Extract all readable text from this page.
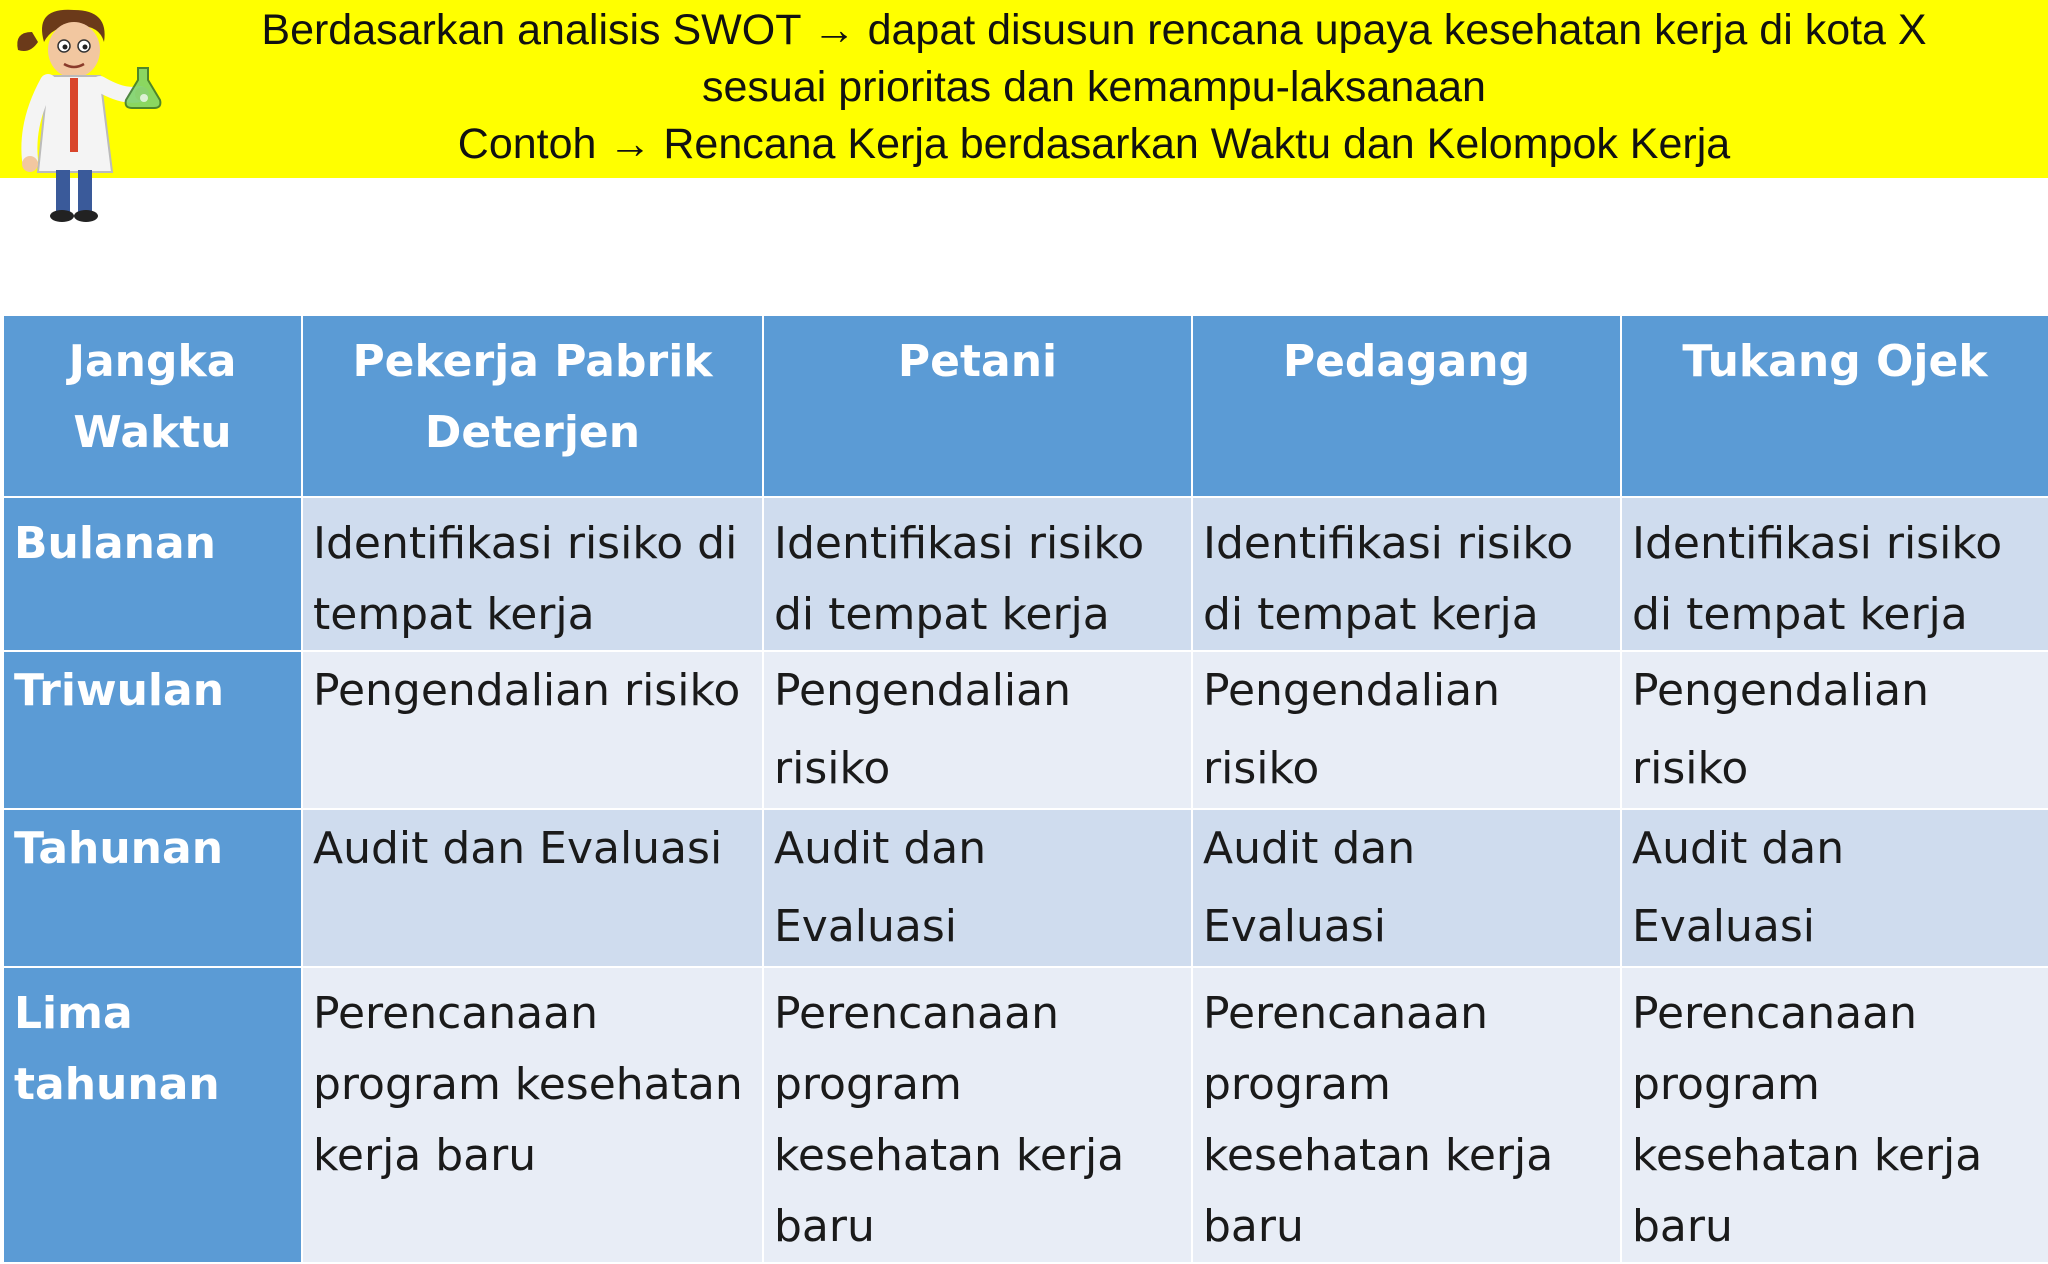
Berdasarkan analisis SWOT → dapat disusun rencana upaya kesehatan kerja di kota X
sesuai prioritas dan kemampu-laksanaan
Contoh → Rencana Kerja berdasarkan Waktu dan Kelompok Kerja
Jangka Waktu	Pekerja Pabrik Deterjen	Petani	Pedagang	Tukang Ojek
Bulanan	Identifikasi risiko di tempat kerja	Identifikasi risiko di tempat kerja	Identifikasi risiko di tempat kerja	Identifikasi risiko di tempat kerja
Triwulan	Pengendalian risiko	Pengendalian risiko	Pengendalian risiko	Pengendalian risiko
Tahunan	Audit dan Evaluasi	Audit dan Evaluasi	Audit dan Evaluasi	Audit dan Evaluasi
Lima tahunan	Perencanaan program kesehatan kerja baru	Perencanaan program kesehatan kerja baru	Perencanaan program kesehatan kerja baru	Perencanaan program kesehatan kerja baru
